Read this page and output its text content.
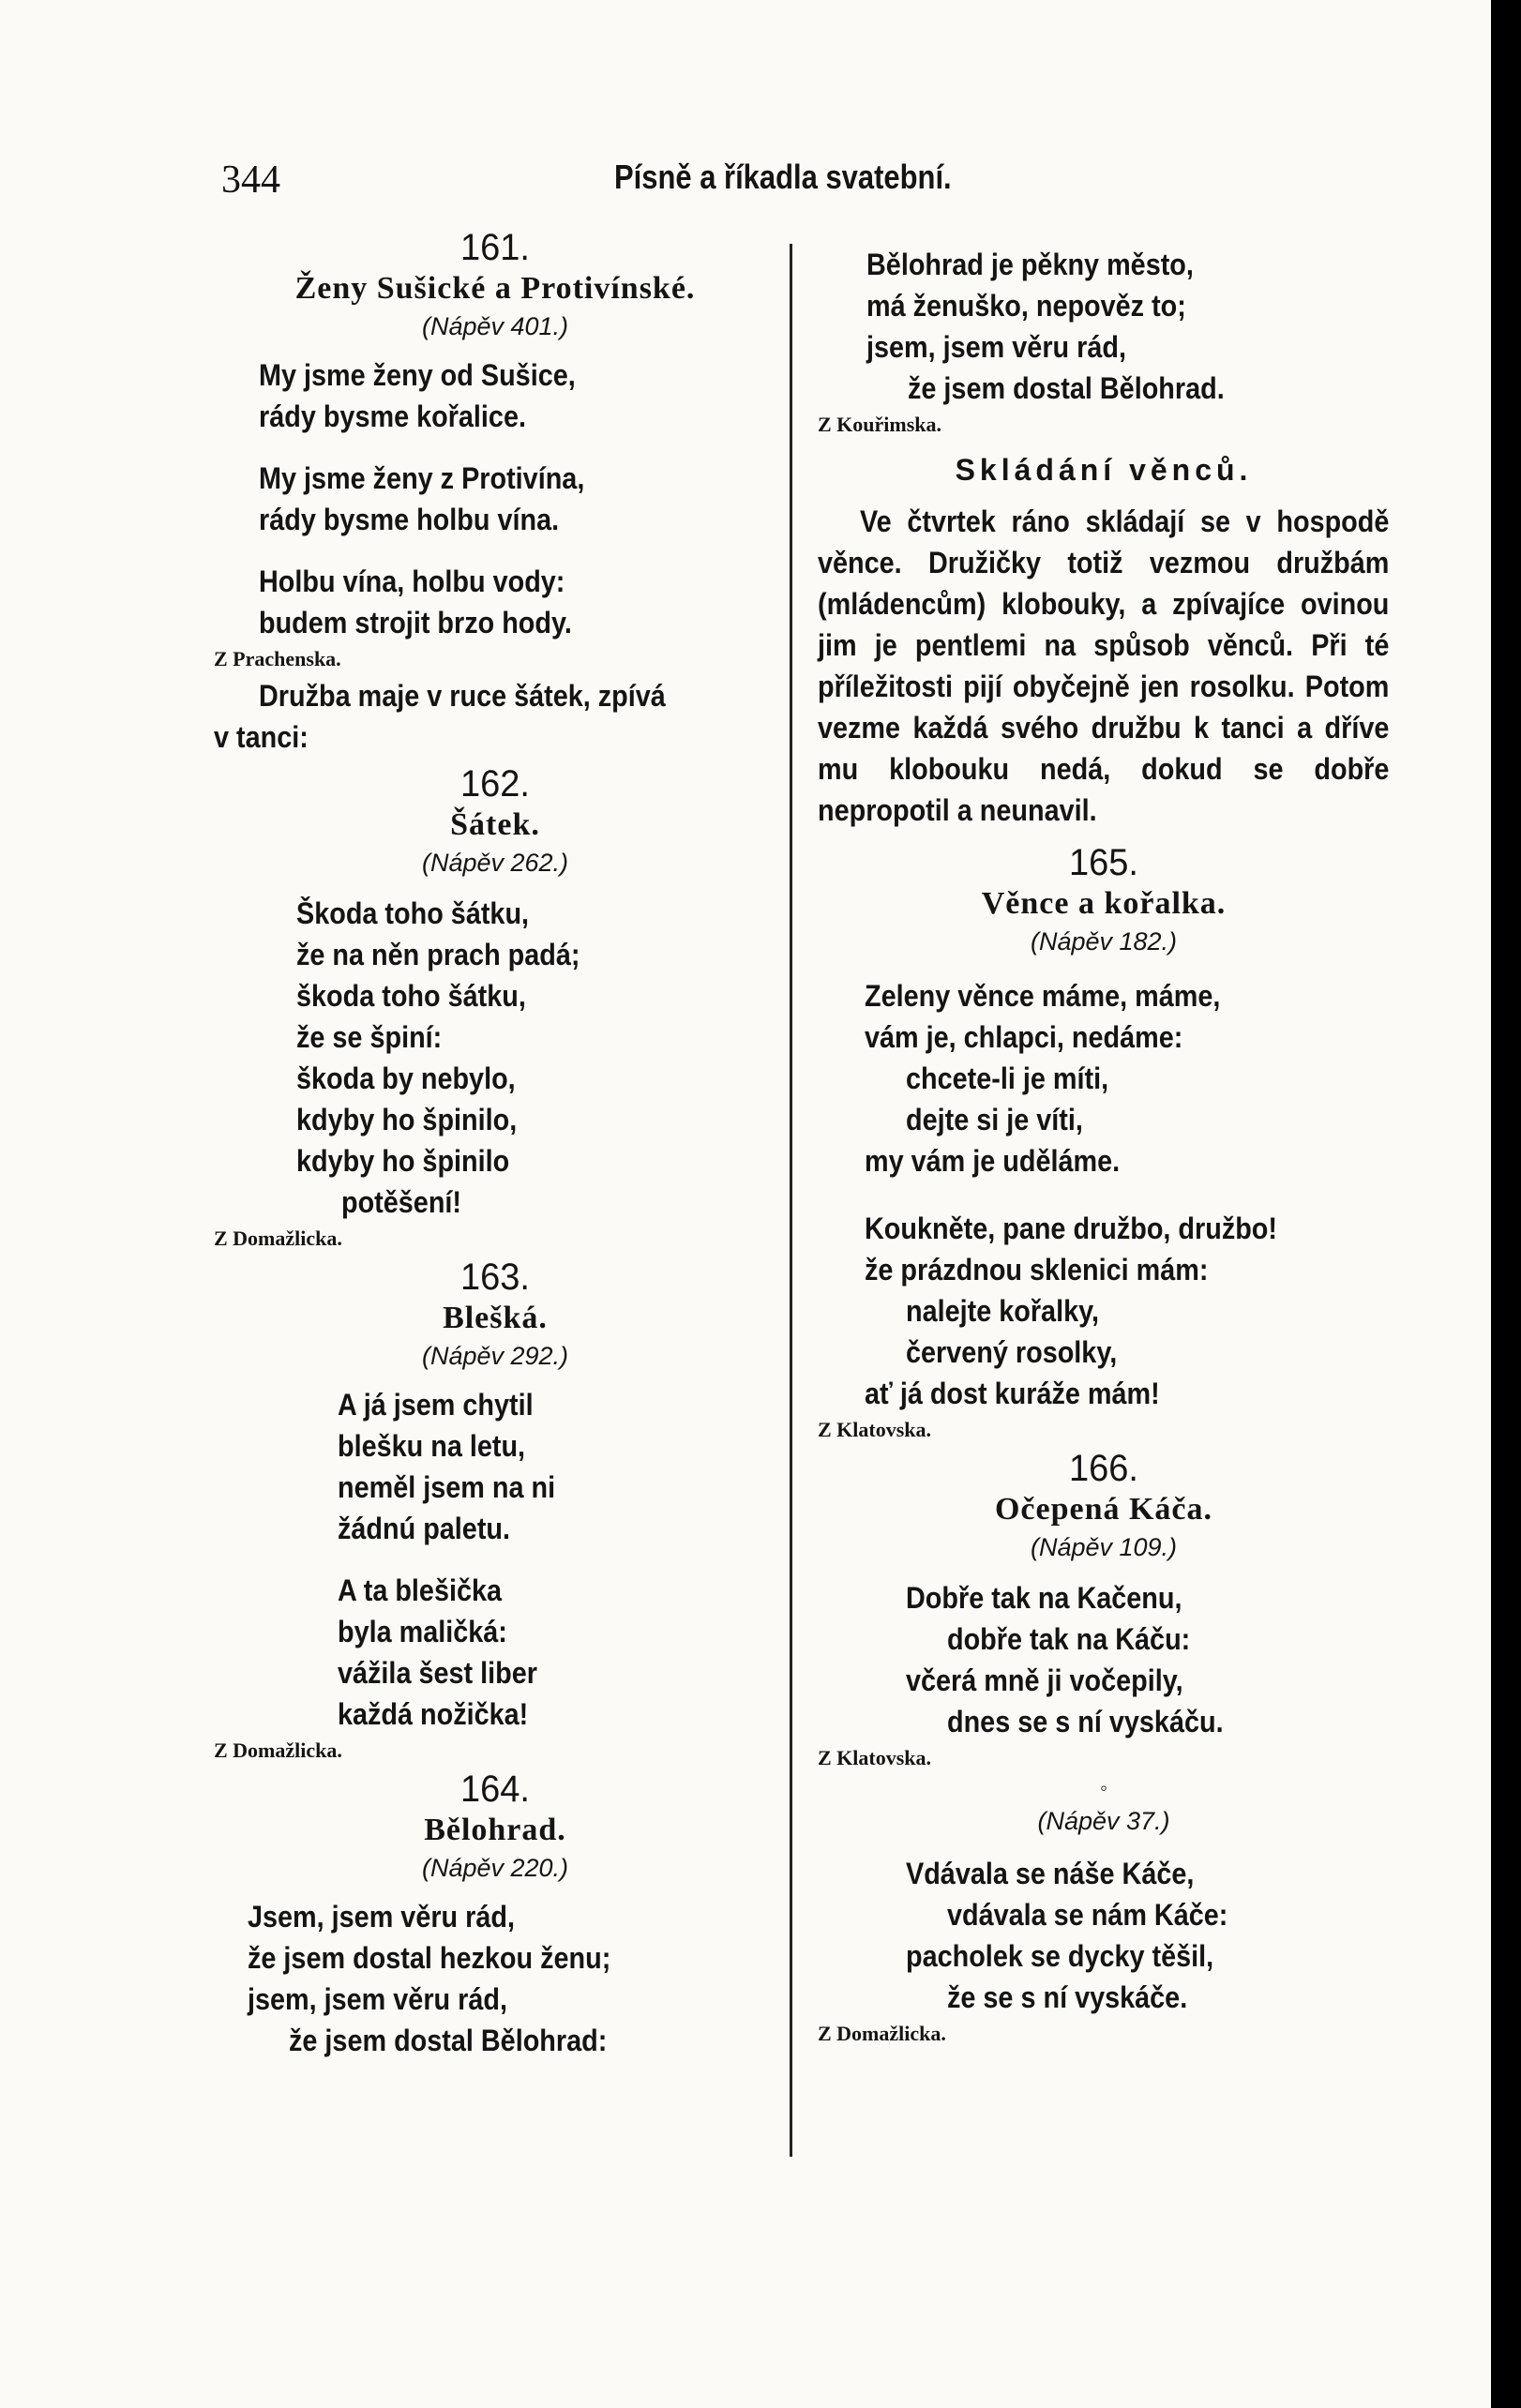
344	Písně a říkadla svatební.
161.
Ženy Sušické a Protivínské.
(Nápěv 401.)
My jsme ženy od Sušice,
rády bysme kořalice.
My jsme ženy z Protivína,
rády bysme holbu vína.
Holbu vína, holbu vody:
budem strojit brzo hody.
Z Prachenska.
Družba maje v ruce šátek, zpívá
v tanci:
162.
Šátek.
(Nápěv 262.)
Škoda toho šátku,
že na něn prach padá;
škoda toho šátku,
že se špiní:
škoda by nebylo,
kdyby ho špinilo,
kdyby ho špinilo
potěšení!
Z Domažlicka.
163.
Blešká.
(Nápěv 292.)
A já jsem chytil
blešku na letu,
neměl jsem na ni
žádnú paletu.
A ta blešička
byla maličká:
vážila šest liber
každá nožička!
Z Domažlicka.
164.
Bělohrad.
(Nápěv 220.)
Jsem, jsem věru rád,
že jsem dostal hezkou ženu;
jsem, jsem věru rád,
že jsem dostal Bělohrad:
Bělohrad je pěkny město,
má ženuško, nepověz to;
jsem, jsem věru rád,
že jsem dostal Bělohrad.
Z Kouřimska.
Skládání věnců.
Ve čtvrtek ráno skládají se v hospodě věnce. Družičky totiž vezmou družbám (mládencům) klobouky, a zpívajíce ovinou jim je pentlemi na spůsob věnců. Při té příležitosti pijí obyčejně jen rosolku. Potom vezme každá svého družbu k tanci a dříve mu klobouku nedá, dokud se dobře nepropotil a neunavil.
165.
Věnce a kořalka.
(Nápěv 182.)
Zeleny věnce máme, máme,
vám je, chlapci, nedáme:
chcete-li je míti,
dejte si je víti,
my vám je uděláme.
Koukněte, pane družbo, družbo!
že prázdnou sklenici mám:
nalejte kořalky,
červený rosolky,
ať já dost kuráže mám!
Z Klatovska.
166.
Očepená Káča.
(Nápěv 109.)
Dobře tak na Kačenu,
dobře tak na Káču:
včerá mně ji vočepily,
dnes se s ní vyskáču.
Z Klatovska.
◦
(Nápěv 37.)
Vdávala se náše Káče,
vdávala se nám Káče:
pacholek se dycky těšil,
že se s ní vyskáče.
Z Domažlicka.
